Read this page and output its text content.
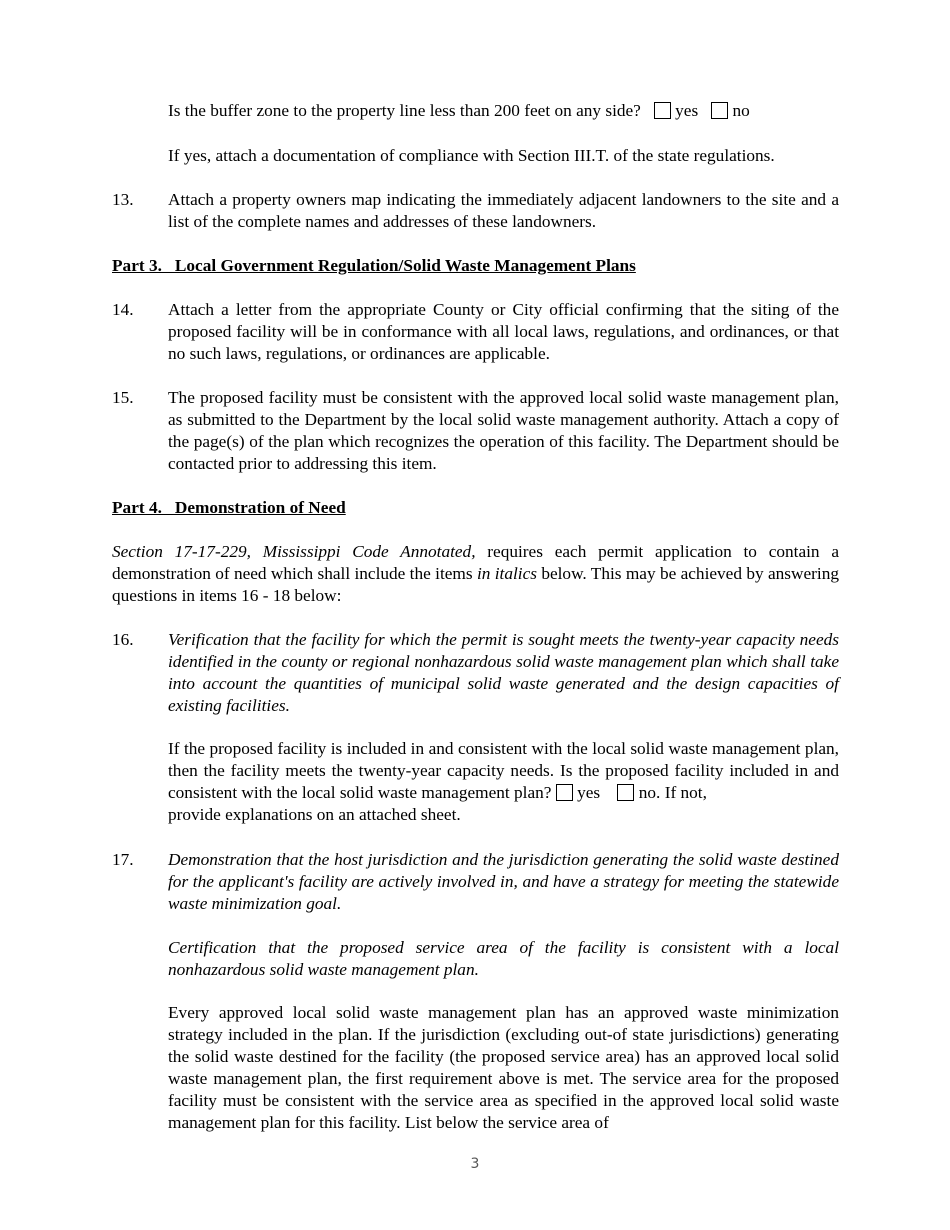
Is the buffer zone to the property line less than 200 feet on any side? yes no

If yes, attach a documentation of compliance with Section III.T. of the state regulations.

13. Attach a property owners map indicating the immediately adjacent landowners to the site and a list of the complete names and addresses of these landowners.

Part 3.   Local Government Regulation/Solid Waste Management Plans
14. Attach a letter from the appropriate County or City official confirming that the siting of the proposed facility will be in conformance with all local laws, regulations, and ordinances, or that no such laws, regulations, or ordinances are applicable.

15. The proposed facility must be consistent with the approved local solid waste management plan, as submitted to the Department by the local solid waste management authority. Attach a copy of the page(s) of the plan which recognizes the operation of this facility. The Department should be contacted prior to addressing this item.

Part 4.   Demonstration of Need

Section 17-17-229, Mississippi Code Annotated, requires each permit application to contain a demonstration of need which shall include the items in italics below. This may be achieved by answering questions in items 16 - 18 below:

16. Verification that the facility for which the permit is sought meets the twenty-year capacity needs identified in the county or regional nonhazardous solid waste management plan which shall take into account the quantities of municipal solid waste generated and the design capacities of existing facilities.

If the proposed facility is included in and consistent with the local solid waste management plan, then the facility meets the twenty-year capacity needs. Is the proposed facility included in and consistent with the local solid waste management plan? yes no. If not,
provide explanations on an attached sheet.

17. Demonstration that the host jurisdiction and the jurisdiction generating the solid waste destined for the applicant's facility are actively involved in, and have a strategy for meeting the statewide waste minimization goal.

Certification that the proposed service area of the facility is consistent with a local nonhazardous solid waste management plan.

Every approved local solid waste management plan has an approved waste minimization strategy included in the plan. If the jurisdiction (excluding out-of state jurisdictions) generating the solid waste destined for the facility (the proposed service area) has an approved local solid waste management plan, the first requirement above is met. The service area for the proposed facility must be consistent with the service area as specified in the approved local solid waste management plan for this facility. List below the service area of

3
